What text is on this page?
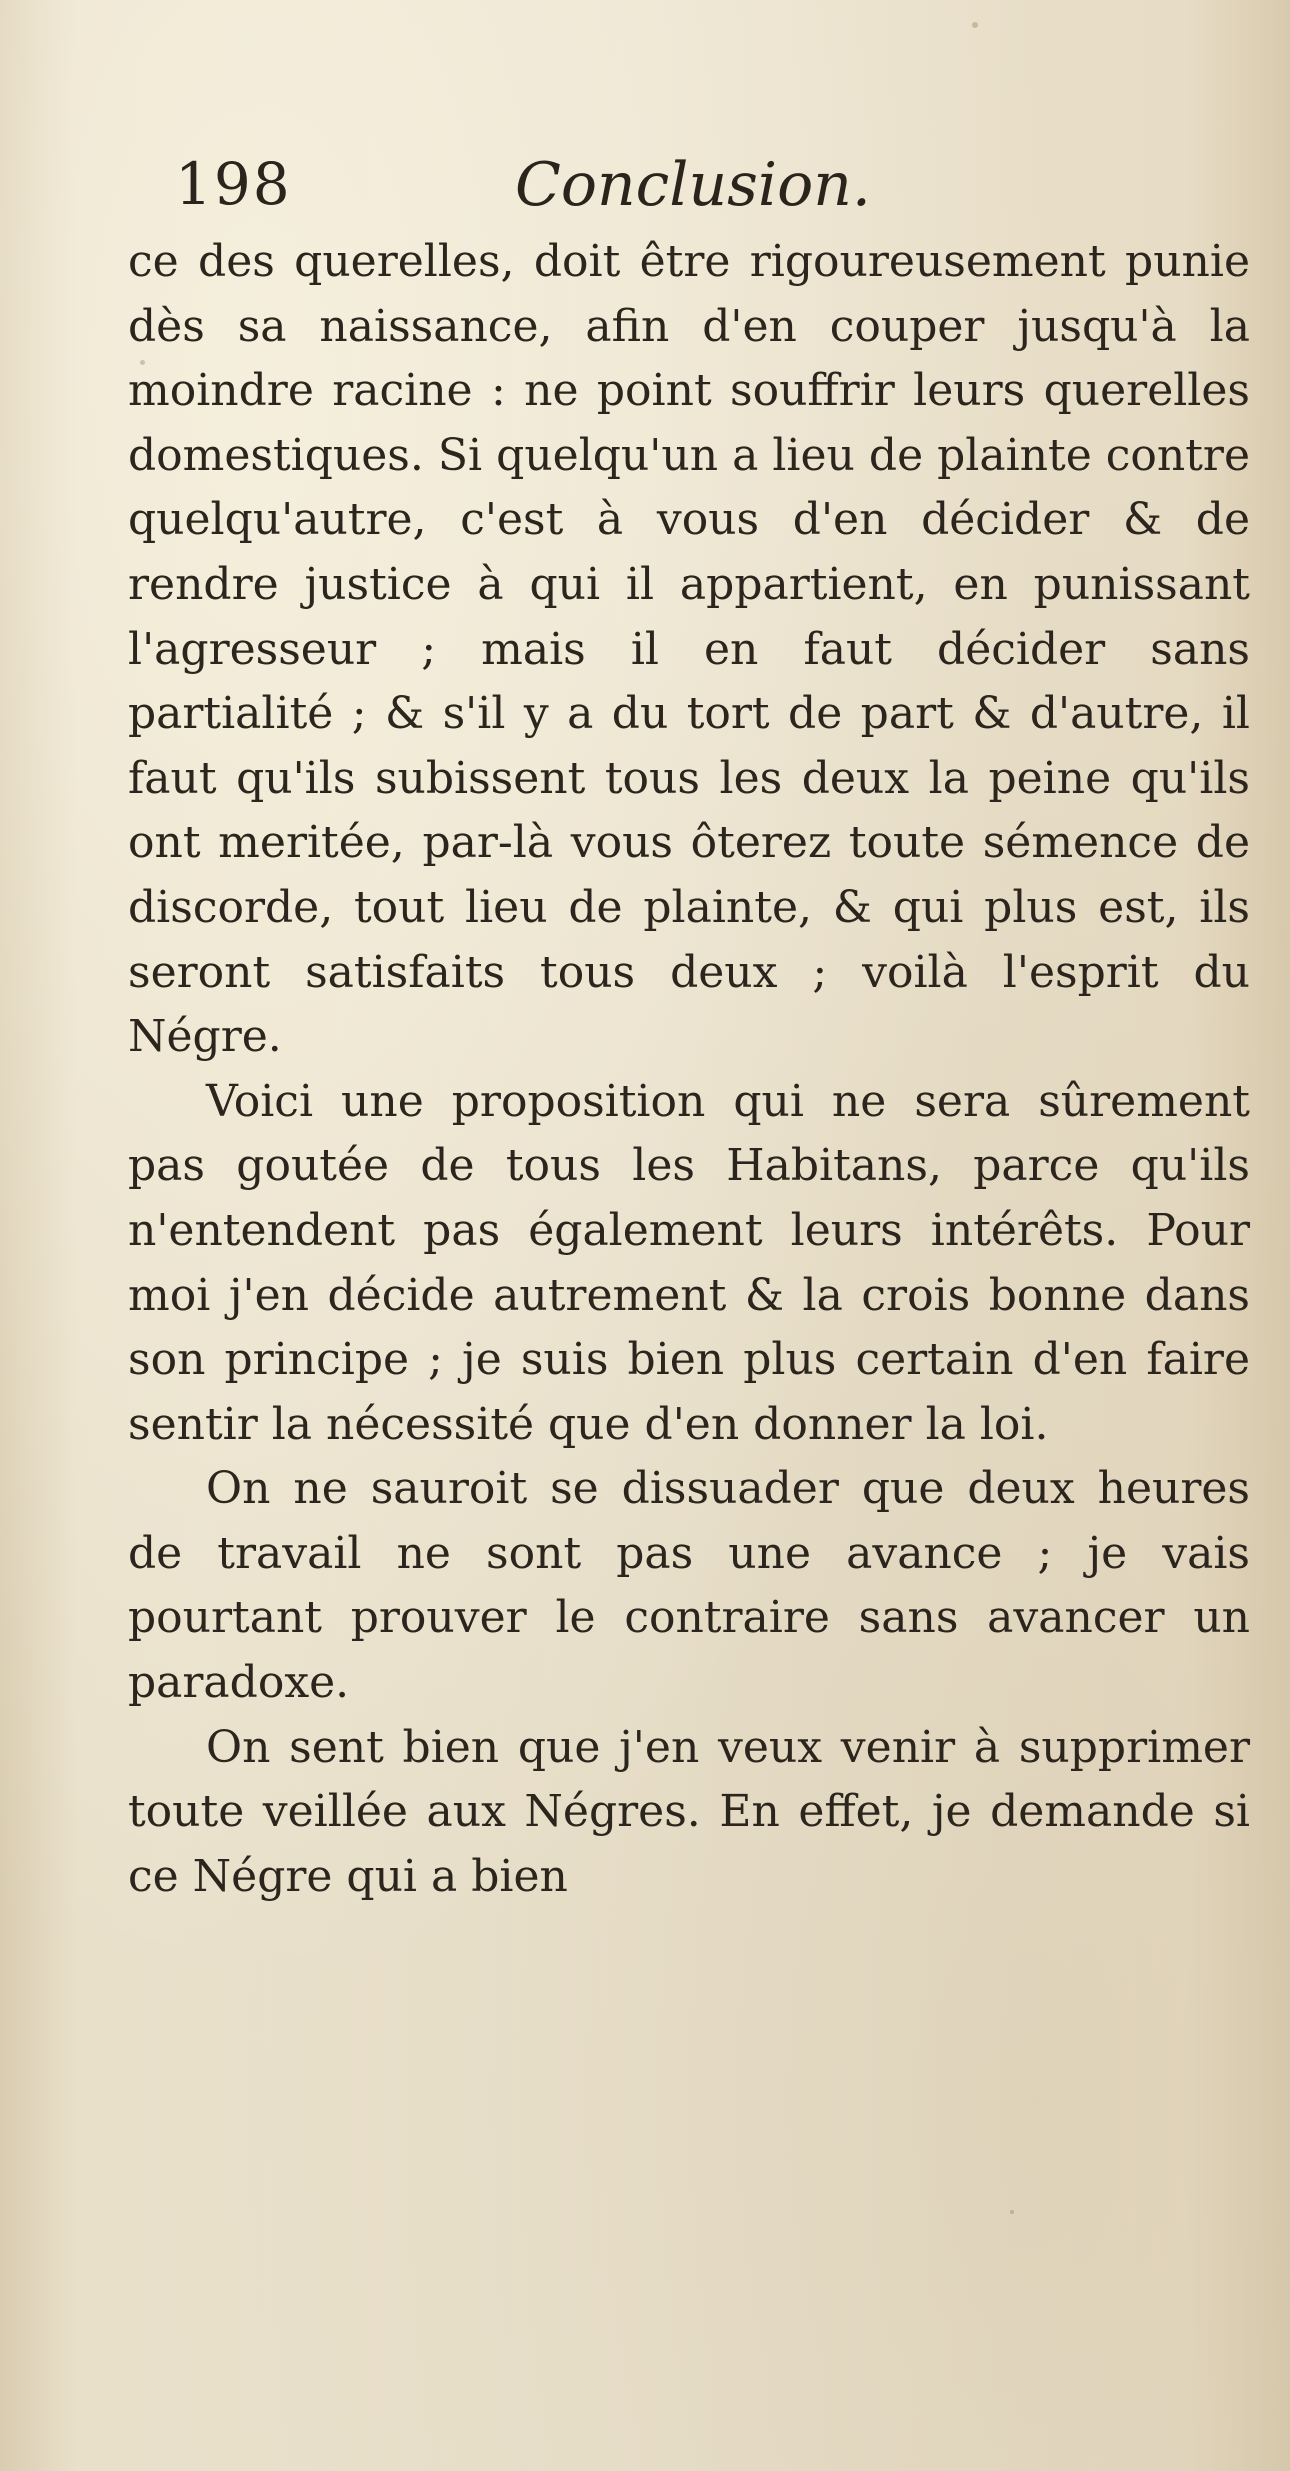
198	Conclusion.

ce des querelles, doit être rigoureusement punie dès sa naissance, afin d'en couper jusqu'à la moindre racine : ne point souffrir leurs querelles domestiques. Si quelqu'un a lieu de plainte contre quelqu'autre, c'est à vous d'en décider & de rendre justice à qui il appartient, en punissant l'agresseur ; mais il en faut décider sans partialité ; & s'il y a du tort de part & d'autre, il faut qu'ils subissent tous les deux la peine qu'ils ont meritée, par-là vous ôterez toute sémence de discorde, tout lieu de plainte, & qui plus est, ils seront satisfaits tous deux ; voilà l'esprit du Négre.

Voici une proposition qui ne sera sûrement pas goutée de tous les Habitans, parce qu'ils n'entendent pas également leurs intérêts. Pour moi j'en décide autrement & la crois bonne dans son principe ; je suis bien plus certain d'en faire sentir la nécessité que d'en donner la loi.

On ne sauroit se dissuader que deux heures de travail ne sont pas une avance ; je vais pourtant prouver le contraire sans avancer un paradoxe.

On sent bien que j'en veux venir à supprimer toute veillée aux Négres. En effet, je demande si ce Négre qui a bien
